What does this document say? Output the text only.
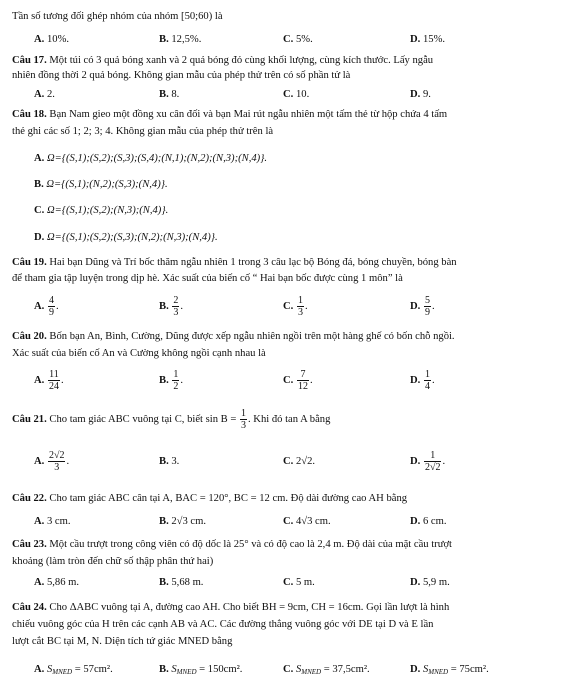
Tần số tương đối ghép nhóm của nhóm [50;60) là
A. 10%.	B. 12,5%.	C. 5%.	D. 15%.
Câu 17. Một túi có 3 quả bóng xanh và 2 quả bóng đỏ cùng khối lượng, cùng kích thước. Lấy ngẫu
nhiên đồng thời 2 quả bóng. Không gian mẫu của phép thử trên có số phần tử là
A. 2.	B. 8.	C. 10.	D. 9.
Câu 18. Bạn Nam gieo một đồng xu cân đối và bạn Mai rút ngẫu nhiên một tấm thẻ từ hộp chứa 4 tấm
thẻ ghi các số 1; 2; 3; 4. Không gian mẫu của phép thử trên là
A. Ω={(S,1);(S,2);(S,3);(S,4);(N,1);(N,2);(N,3);(N,4)}.
B. Ω={(S,1);(N,2);(S,3);(N,4)}.
C. Ω={(S,1);(S,2);(N,3);(N,4)}.
D. Ω={(S,1);(S,2);(S,3);(N,2);(N,3);(N,4)}.
Câu 19. Hai bạn Dũng và Trí bốc thăm ngẫu nhiên 1 trong 3 câu lạc bộ Bóng đá, bóng chuyền, bóng bàn
để tham gia tập luyện trong dịp hè. Xác suất của biến cố “ Hai bạn bốc được cùng 1 môn” là
A. $\frac{4}{9}$ .	B. $\frac{2}{3}$ .	C. $\frac{1}{3}$ .	D. $\frac{5}{9}$ .
Câu 20. Bốn bạn An, Bình, Cường, Dũng được xếp ngẫu nhiên ngồi trên một hàng ghế có bốn chỗ ngồi.
Xác suất của biến cố An và Cường không ngồi cạnh nhau là
A. $\frac{11}{24}$ .	B. $\frac{1}{2}$ .	C. $\frac{7}{12}$ .	D. $\frac{1}{4}$ .
Câu 21. Cho tam giác ABC vuông tại C, biết $\sin B = \frac{1}{3}$ . Khi đó tan A bằng
A. $\frac{2√2}{3}$ .	B. 3.	C. 2√2.	D. $\frac{1}{2√2}$ .
Câu 22. Cho tam giác ABC cân tại A, BAC = 120°, BC = 12 cm. Độ dài đường cao AH bằng
A. 3 cm.	B. 2√3 cm.	C. 4√3 cm.	D. 6 cm.
Câu 23. Một cầu trượt trong công viên có độ dốc là 25° và có độ cao là 2,4 m. Độ dài của mặt cầu trượt
khoảng (làm tròn đến chữ số thập phân thứ hai)
A. 5,86 m.	B. 5,68 m.	C. 5 m.	D. 5,9 m.
Câu 24. Cho ΔABC vuông tại A, đường cao AH. Cho biết BH = 9cm, CH = 16cm. Gọi lần lượt là hình
chiếu vuông góc của H trên các cạnh AB và AC. Các đường thẳng vuông góc với DE tại D và E lần
lượt cắt BC tại M, N. Diện tích tứ giác MNED bằng
A. $S_{MNED} = 57cm^2$.	B. $S_{MNED} = 150cm^2$.	C. $S_{MNED} = 37,5cm^2$.	D. $S_{MNED} = 75cm^2$.
